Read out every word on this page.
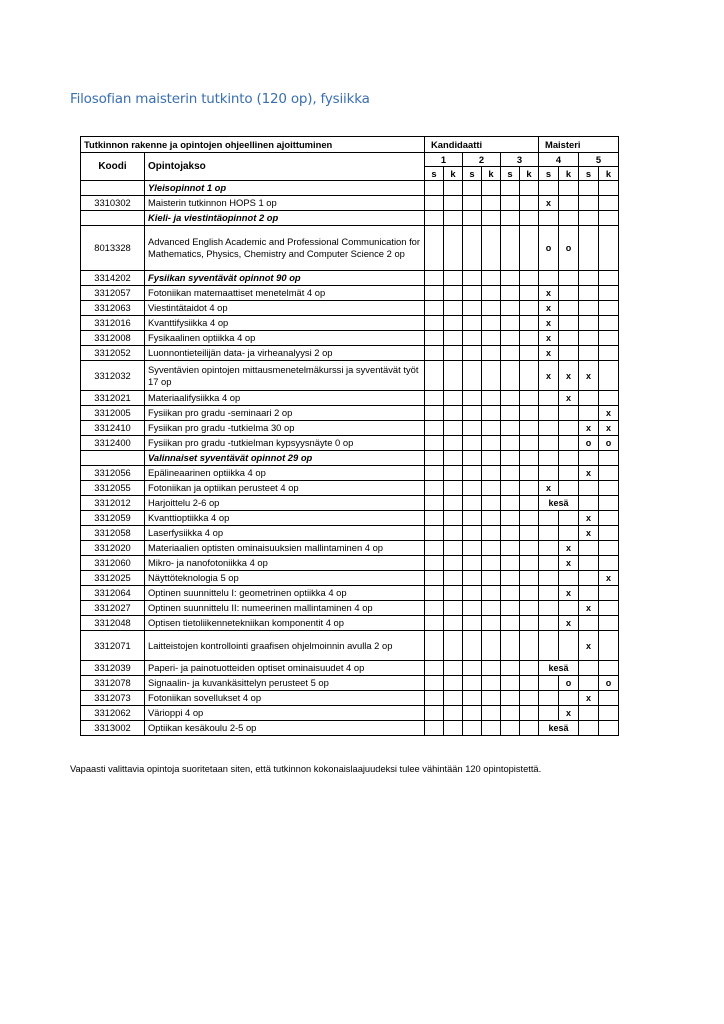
Filosofian maisterin tutkinto (120 op), fysiikka
Tutkinnon rakenne ja opintojen ohjeellinen ajoittuminen		Kandidaatti						Maisteri			
Koodi	Opintojakso	1		2		3		4		5	
		s	k	s	k	s	k	s	k	s	k
	Yleisopinnot 1 op										
3310302	Maisterin tutkinnon HOPS 1 op							x			
	Kieli- ja viestintäopinnot 2 op										
8013328	Advanced English Academic and Professional Communication for Mathematics, Physics, Chemistry and Computer Science 2 op							o	o		
3314202	Fysiikan syventävät opinnot 90 op										
3312057	Fotoniikan matemaattiset menetelmät 4 op							x			
3312063	Viestintätaidot 4 op							x			
3312016	Kvanttifysiikka 4 op							x			
3312008	Fysikaalinen optiikka 4 op							x			
3312052	Luonnontieteilijän data- ja virheanalyysi 2 op							x			
3312032	Syventävien opintojen mittausmenetelmäkurssi ja syventävät työt 17 op							x	x	x	
3312021	Materiaalifysiikka 4 op								x		
3312005	Fysiikan pro gradu -seminaari 2 op										x
3312410	Fysiikan pro gradu -tutkielma 30 op									x	x
3312400	Fysiikan pro gradu -tutkielman kypsyysnäyte 0 op									o	o
	Valinnaiset syventävät opinnot 29 op										
3312056	Epälineaarinen optiikka 4 op									x	
3312055	Fotoniikan ja optiikan perusteet 4 op							x			
3312012	Harjoittelu 2-6 op							kesä			
3312059	Kvanttioptiikka 4 op									x	
3312058	Laserfysiikka 4 op									x	
3312020	Materiaalien optisten ominaisuuksien mallintaminen 4 op								x		
3312060	Mikro- ja nanofotoniikka 4 op								x		
3312025	Näyttöteknologia 5 op										x
3312064	Optinen suunnittelu I: geometrinen optiikka 4 op								x		
3312027	Optinen suunnittelu II: numeerinen mallintaminen 4 op									x	
3312048	Optisen tietoliikennetekniikan komponentit 4 op								x		
3312071	Laitteistojen kontrollointi graafisen ohjelmoinnin avulla 2 op									x	
3312039	Paperi- ja painotuotteiden optiset ominaisuudet 4 op							kesä			
3312078	Signaalin- ja kuvankäsittelyn perusteet 5 op								o		o
3312073	Fotoniikan sovellukset 4 op									x	
3312062	Värioppi 4 op								x		
3313002	Optiikan kesäkoulu 2-5 op							kesä			
Vapaasti valittavia opintoja suoritetaan siten, että tutkinnon kokonaislaajuudeksi tulee vähintään 120 opintopistettä.
